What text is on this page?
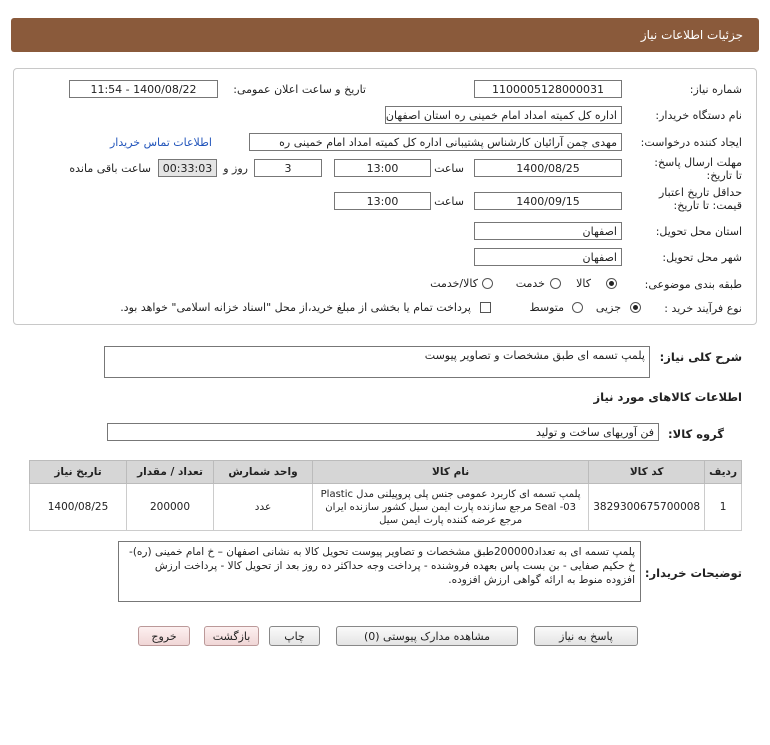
جزئیات اطلاعات نیاز
شماره نیاز:
1100005128000031
تاریخ و ساعت اعلان عمومی:
1400/08/22 - 11:54
نام دستگاه خریدار:
اداره کل کمیته امداد امام خمینی ره استان اصفهان
ایجاد کننده درخواست:
مهدی چمن آرائیان کارشناس پشتیبانی اداره کل کمیته امداد امام خمینی ره
اطلاعات تماس خریدار
مهلت ارسال پاسخ: تا تاریخ:
1400/08/25
ساعت
13:00
3
روز و
00:33:03
ساعت باقی مانده
حداقل تاریخ اعتبار قیمت: تا تاریخ:
1400/09/15
ساعت
13:00
استان محل تحویل:
اصفهان
شهر محل تحویل:
اصفهان
طبقه بندی موضوعی:
کالا
خدمت
کالا/خدمت
نوع فرآیند خرید :
جزیی
متوسط
پرداخت تمام یا بخشی از مبلغ خرید،از محل "اسناد خزانه اسلامی" خواهد بود.
شرح کلی نیاز:
پلمپ تسمه ای طبق مشخصات و تصاویر پیوست
اطلاعات کالاهای مورد نیاز
گروه کالا:
فن آوریهای ساخت و تولید
ردیف	کد کالا	نام کالا	واحد شمارش	تعداد / مقدار	تاریخ نیاز
1	3829300675700008	پلمپ تسمه ای کاربرد عمومی جنس پلی پروپیلنی مدل Plastic Seal -03 مرجع سازنده پارت ایمن سیل کشور سازنده ایران مرجع عرضه کننده پارت ایمن سیل	عدد	200000	1400/08/25
توضیحات خریدار:
پلمپ تسمه ای به تعداد200000طبق مشخصات و تصاویر پیوست تحویل کالا به نشانی اصفهان – خ امام خمینی (ره)- خ حکیم صفایی - بن بست پاس بعهده فروشنده - پرداخت وجه حداکثر ده روز بعد از تحویل کالا - پرداخت ارزش افزوده منوط به ارائه گواهی ارزش افزوده.
پاسخ به نیاز
مشاهده مدارک پیوستی (0)
چاپ
بازگشت
خروج
